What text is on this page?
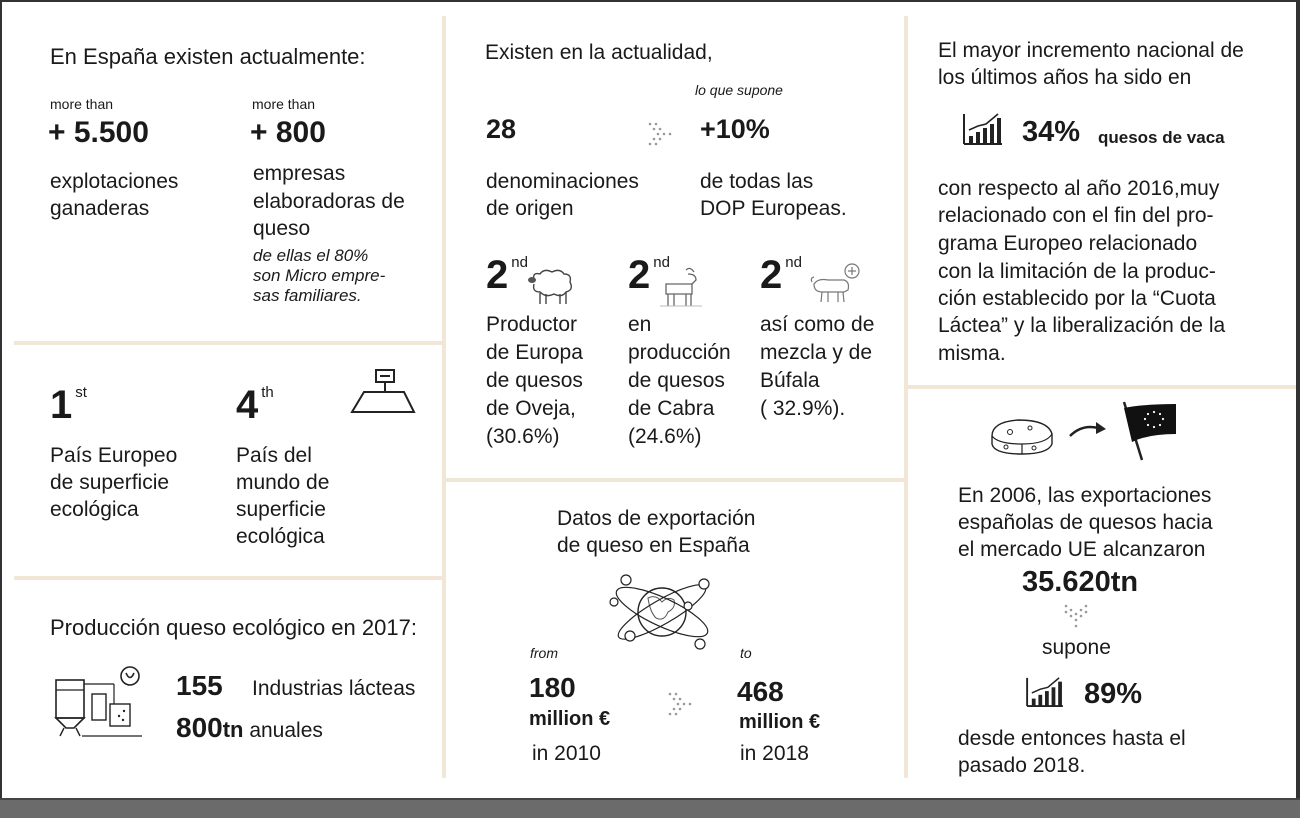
En España existen actualmente:
more than
+ 5.500
explotaciones
ganaderas
more than
+ 800
empresas
elaboradoras de
queso
de ellas el 80%
son Micro empre-
sas familiares.
1 $^{st}$
País Europeo
de superficie
ecológica
4 $^{th}$
País del
mundo de
superficie
ecológica
Producción queso ecológico en 2017:
155 Industrias lácteas
800tn anuales
Existen en la actualidad,
lo que supone
28	+10%
denominaciones
de origen
de todas las
DOP Europeas.
2 $^{nd}$
Productor
de Europa
de quesos
de Oveja,
(30.6%)
2 $^{nd}$
en
producción
de quesos
de Cabra
(24.6%)
2 $^{nd}$
así como de
mezcla y de
Búfala
( 32.9%).
Datos de exportación
de queso en España
from	to
180	468
million €	million €
in 2010	in 2018
El mayor incremento nacional de
los últimos años ha sido en
34% quesos de vaca
con respecto al año 2016,muy
relacionado con el fin del pro-
grama Europeo relacionado
con la limitación de la produc-
ción establecido por la “Cuota
Láctea” y la liberalización de la
misma.
En 2006, las exportaciones
españolas de quesos hacia
el mercado UE alcanzaron
35.620tn
supone
89%
desde entonces hasta el
pasado 2018.
